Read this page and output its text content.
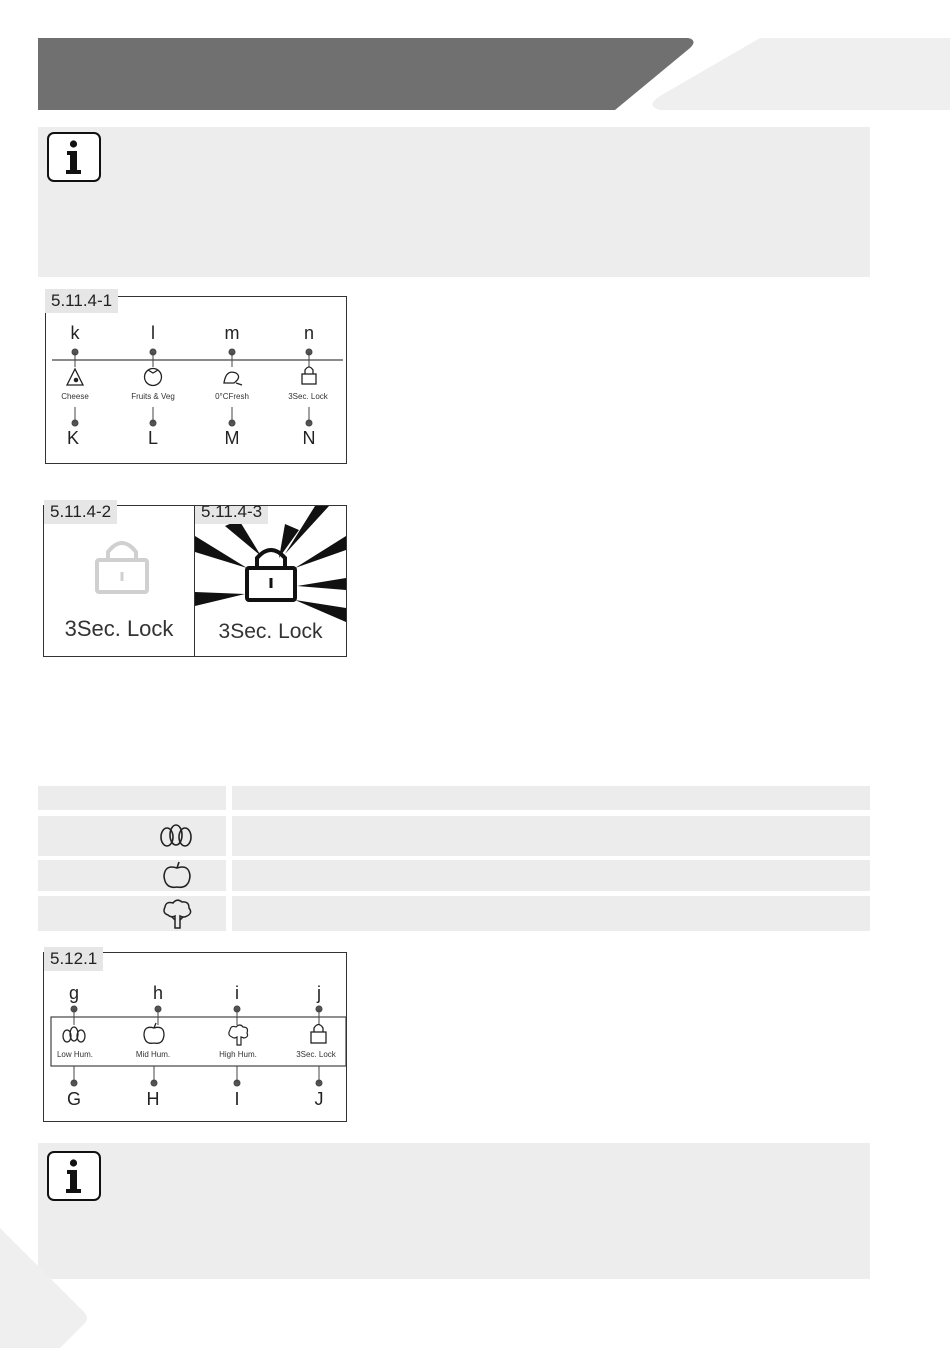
5.11.4-1
k	l	m	n
Cheese	Fruits & Veg	0°CFresh	3Sec. Lock
K	L	M	N
5.11.4-2
3Sec. Lock
5.11.4-3
3Sec. Lock
5.12.1
g	h	i	j
Low Hum.	Mid Hum.	High Hum.	3Sec. Lock
G	H	I	J
